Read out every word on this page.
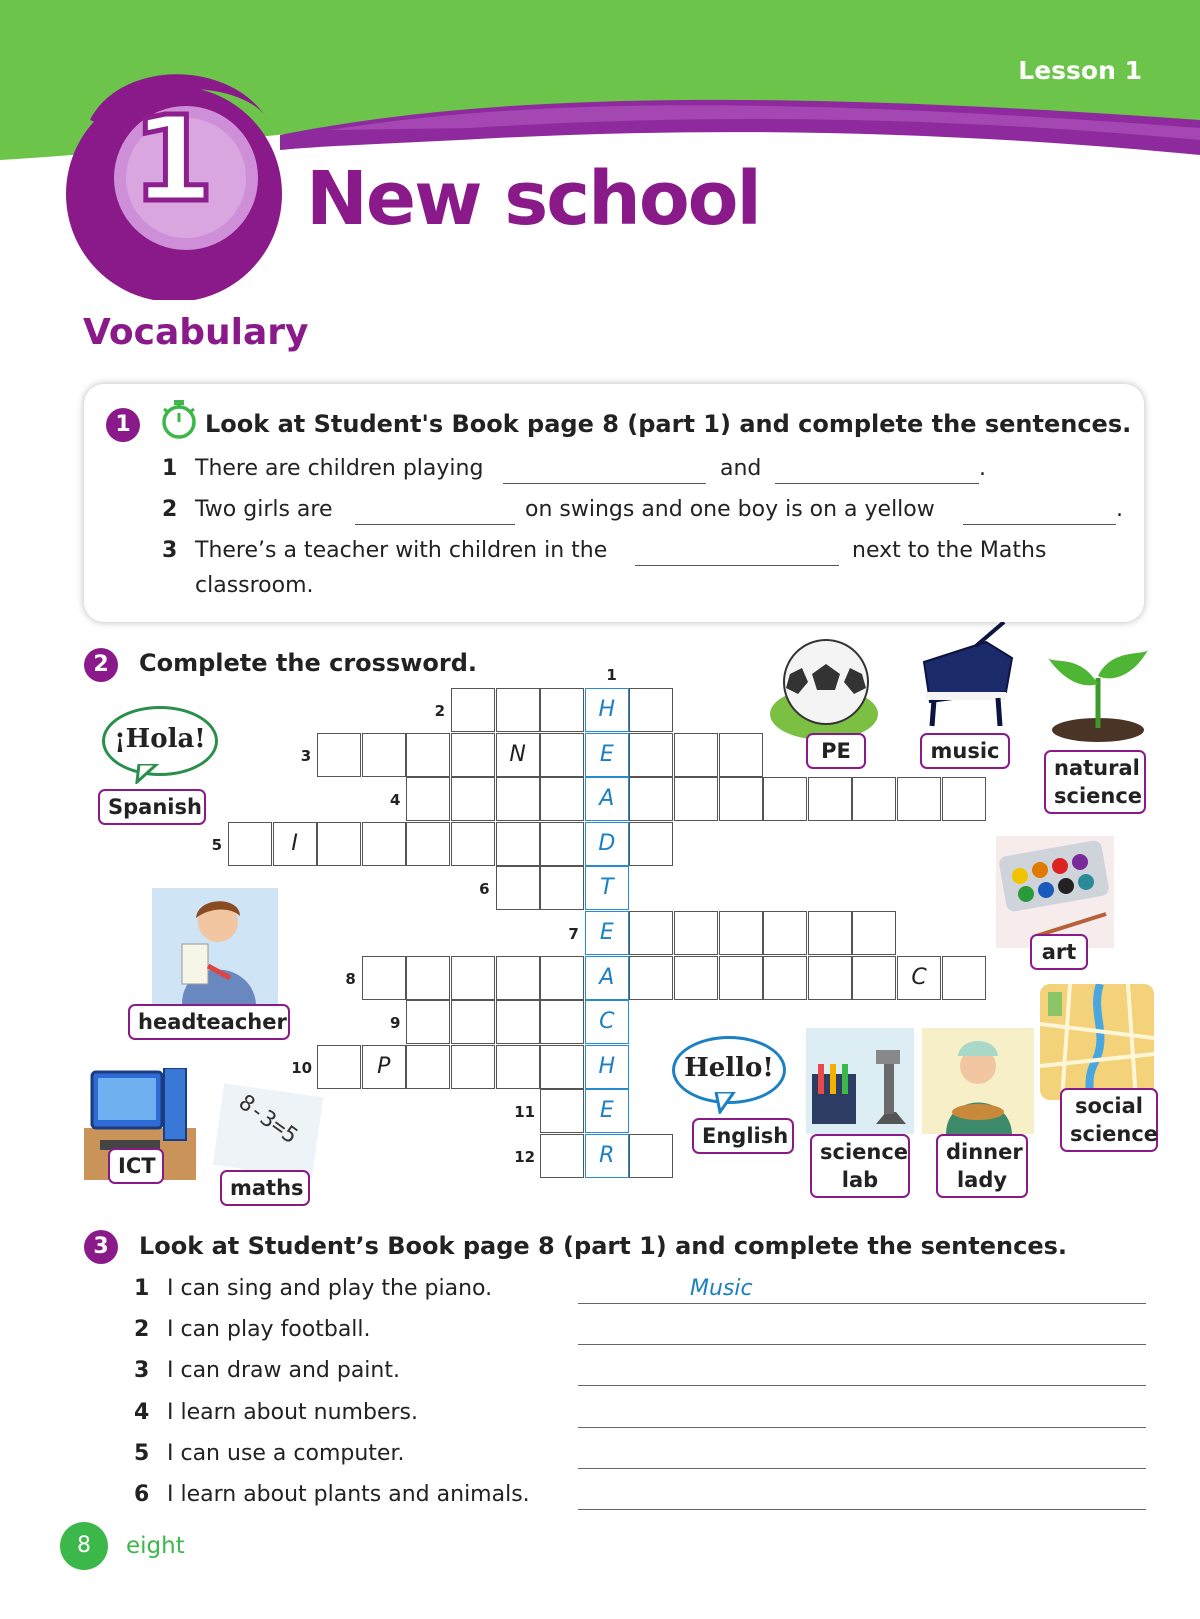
Lesson 1
1 New school
Vocabulary
1	Look at Student's Book page 8 (part 1) and complete the sentences.
1 There are children playing	and	.
2 Two girls are	on swings and one boy is on a yellow	.
3 There’s a teacher with children in the	next to the Maths
classroom.
2	Complete the crossword.
H
E
A
D
T
E
A
C
H
E
R
N
I
C
P
1
2
3
4
5
6
7
8
9
10
11
12
¡Hola!
Spanish
headteacher
ICT
8-3=5
maths
PE	music
natural
science
art
social
science
Hello!
English
science
lab
dinner
lady
3	Look at Student’s Book page 8 (part 1) and complete the sentences.
1 I can sing and play the piano.	Music
2 I can play football.
3 I can draw and paint.
4 I learn about numbers.
5 I can use a computer.
6 I learn about plants and animals.
8	eight
